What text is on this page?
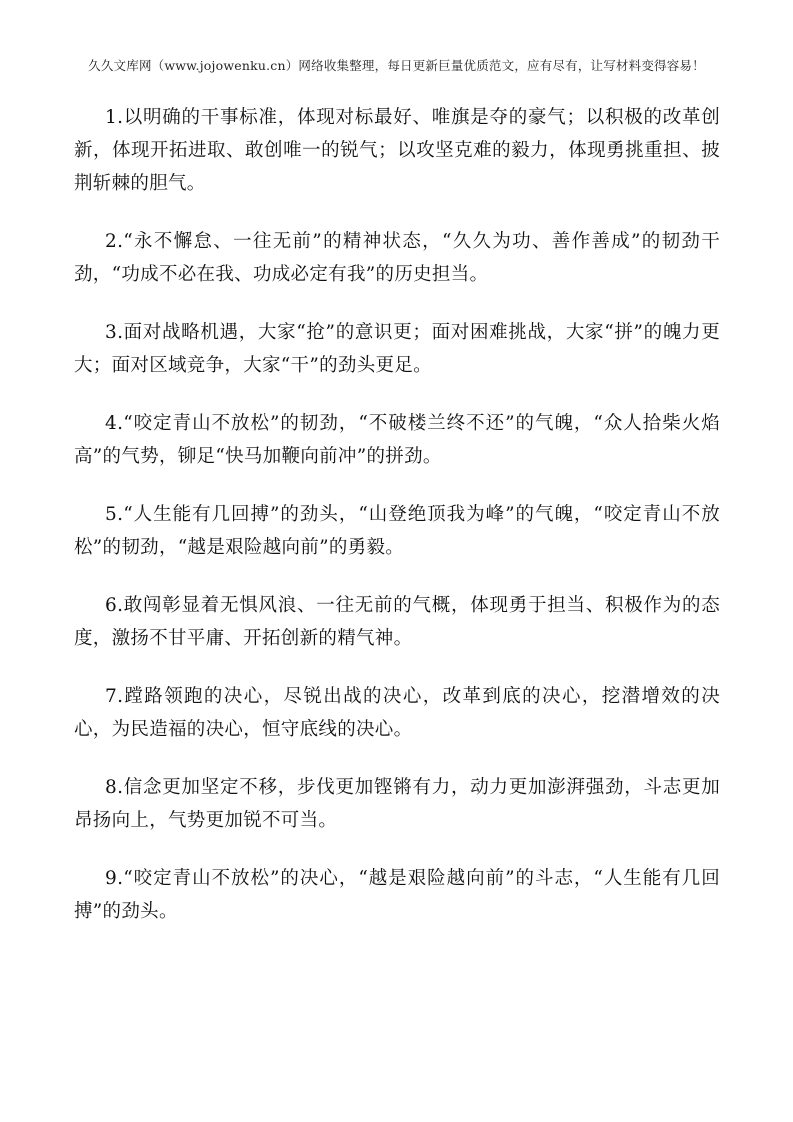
久久文库网（www.jojowenku.cn）网络收集整理，每日更新巨量优质范文，应有尽有，让写材料变得容易！

1.以明确的干事标准，体现对标最好、唯旗是夺的豪气；以积极的改革创新，体现开拓进取、敢创唯一的锐气；以攻坚克难的毅力，体现勇挑重担、披荆斩棘的胆气。

2.“永不懈怠、一往无前”的精神状态，“久久为功、善作善成”的韧劲干劲，“功成不必在我、功成必定有我”的历史担当。

3.面对战略机遇，大家“抢”的意识更；面对困难挑战，大家“拼”的魄力更大；面对区域竞争，大家“干”的劲头更足。

4.“咬定青山不放松”的韧劲，“不破楼兰终不还”的气魄，“众人拾柴火焰高”的气势，铆足“快马加鞭向前冲”的拼劲。

5.“人生能有几回搏”的劲头，“山登绝顶我为峰”的气魄，“咬定青山不放松”的韧劲，“越是艰险越向前”的勇毅。

6.敢闯彰显着无惧风浪、一往无前的气概，体现勇于担当、积极作为的态度，激扬不甘平庸、开拓创新的精气神。

7.蹚路领跑的决心，尽锐出战的决心，改革到底的决心，挖潜增效的决心，为民造福的决心，恒守底线的决心。

8.信念更加坚定不移，步伐更加铿锵有力，动力更加澎湃强劲，斗志更加昂扬向上，气势更加锐不可当。

9.“咬定青山不放松”的决心，“越是艰险越向前”的斗志，“人生能有几回搏”的劲头。
